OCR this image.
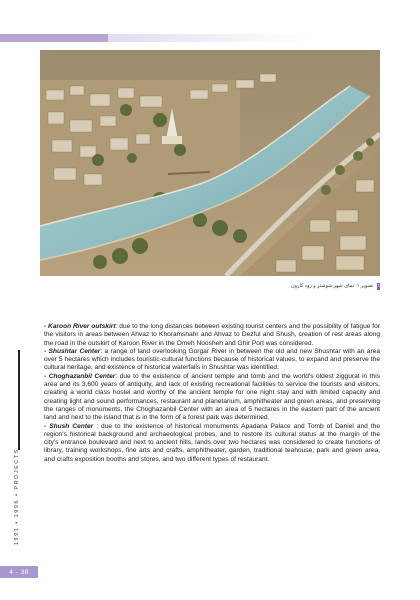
تصویر ۱: نمای شهر شوشتر و رود کارون ۱

- Karoon River outskirt: due to the long distances between existing tourist centers and the possibility of fatigue for the visitors in areas between Ahvaz to Khoramshahr and Ahvaz to Dezful and Shush, creation of rest areas along the road in the outskirt of Karoon River in the Omeh Noosheh and Ghir Port was considered.

- Shushtar Center: a range of land overlooking Gorgar River in between the old and new Shushtar with an area over 5 hectares which includes touristic-cultural functions because of historical values, to expand and preserve the cultural heritage, and existence of historical waterfalls in Shushtar was identified.

- Choghazanbil Center: due to the existence of ancient temple and tomb and the world's oldest ziggurat in this area and its 3,600 years of antiquity, and lack of existing recreational facilities to service the tourists and visitors, creating a world class hostel and worthy of the ancient temple for one night stay and with limited capacity and creating light and sound performances, restaurant and planetarium, amphitheater and green areas, and preserving the ranges of monuments, the Choghazanbil Center with an area of 5 hectares in the eastern part of the ancient land and next to the island that is in the form of a forest park was determined.

- Shush Center : due to the existence of historical monuments Apadana Palace and Tomb of Daniel and the region's historical background and archaeological probes, and to restore its cultural status at the margin of the city's entrance boulevard and next to ancient hills, lands over two hectares was considered to create functions of library, training workshops, fine arts and crafts, amphitheater, garden, traditional teahouse, park and green area, and crafts exposition booths and stores, and two different types of restaurant.

1991 • 1996 • PROJECTS
4 - 38
